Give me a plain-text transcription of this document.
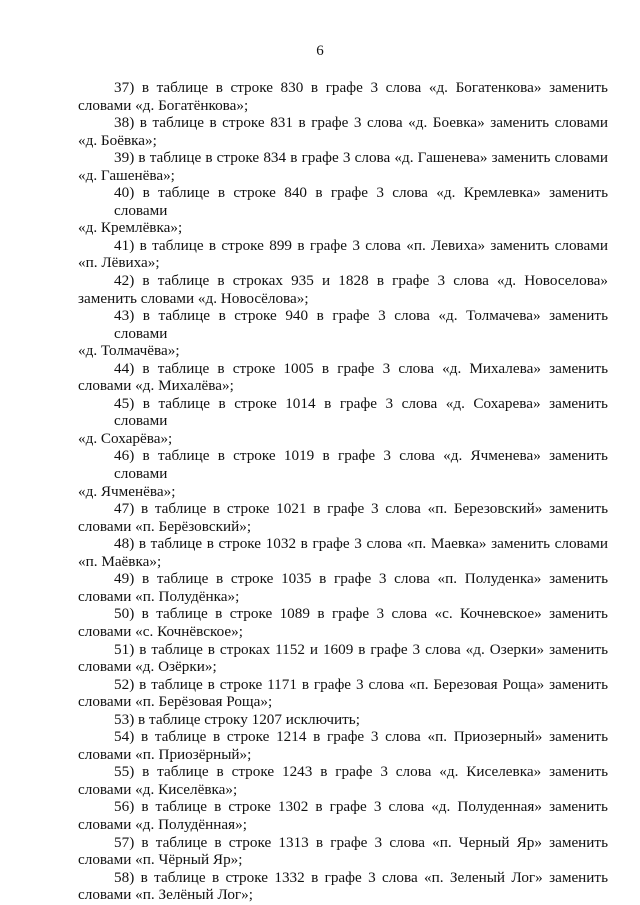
6

37) в таблице в строке 830 в графе 3 слова «д. Богатенкова» заменить
словами «д. Богатёнкова»;

38) в таблице в строке 831 в графе 3 слова «д. Боевка» заменить словами
«д. Боёвка»;

39) в таблице в строке 834 в графе 3 слова «д. Гашенева» заменить словами
«д. Гашенёва»;

40) в таблице в строке 840 в графе 3 слова «д. Кремлевка» заменить словами
«д. Кремлёвка»;

41) в таблице в строке 899 в графе 3 слова «п. Левиха» заменить словами
«п. Лёвиха»;

42) в таблице в строках 935 и 1828 в графе 3 слова «д. Новоселова»
заменить словами «д. Новосёлова»;

43) в таблице в строке 940 в графе 3 слова «д. Толмачева» заменить словами
«д. Толмачёва»;

44) в таблице в строке 1005 в графе 3 слова «д. Михалева» заменить
словами «д. Михалёва»;

45) в таблице в строке 1014 в графе 3 слова «д. Сохарева» заменить словами
«д. Сохарёва»;

46) в таблице в строке 1019 в графе 3 слова «д. Ячменева» заменить словами
«д. Ячменёва»;

47) в таблице в строке 1021 в графе 3 слова «п. Березовский» заменить
словами «п. Берёзовский»;

48) в таблице в строке 1032 в графе 3 слова «п. Маевка» заменить словами
«п. Маёвка»;

49) в таблице в строке 1035 в графе 3 слова «п. Полуденка» заменить
словами «п. Полудёнка»;

50) в таблице в строке 1089 в графе 3 слова «с. Кочневское» заменить
словами «с. Кочнёвское»;

51) в таблице в строках 1152 и 1609 в графе 3 слова «д. Озерки» заменить
словами «д. Озёрки»;

52) в таблице в строке 1171 в графе 3 слова «п. Березовая Роща» заменить
словами «п. Берёзовая Роща»;

53) в таблице строку 1207 исключить;

54) в таблице в строке 1214 в графе 3 слова «п. Приозерный» заменить
словами «п. Приозёрный»;

55) в таблице в строке 1243 в графе 3 слова «д. Киселевка» заменить
словами «д. Киселёвка»;

56) в таблице в строке 1302 в графе 3 слова «д. Полуденная» заменить
словами «д. Полудённая»;

57) в таблице в строке 1313 в графе 3 слова «п. Черный Яр» заменить
словами «п. Чёрный Яр»;

58) в таблице в строке 1332 в графе 3 слова «п. Зеленый Лог» заменить
словами «п. Зелёный Лог»;
